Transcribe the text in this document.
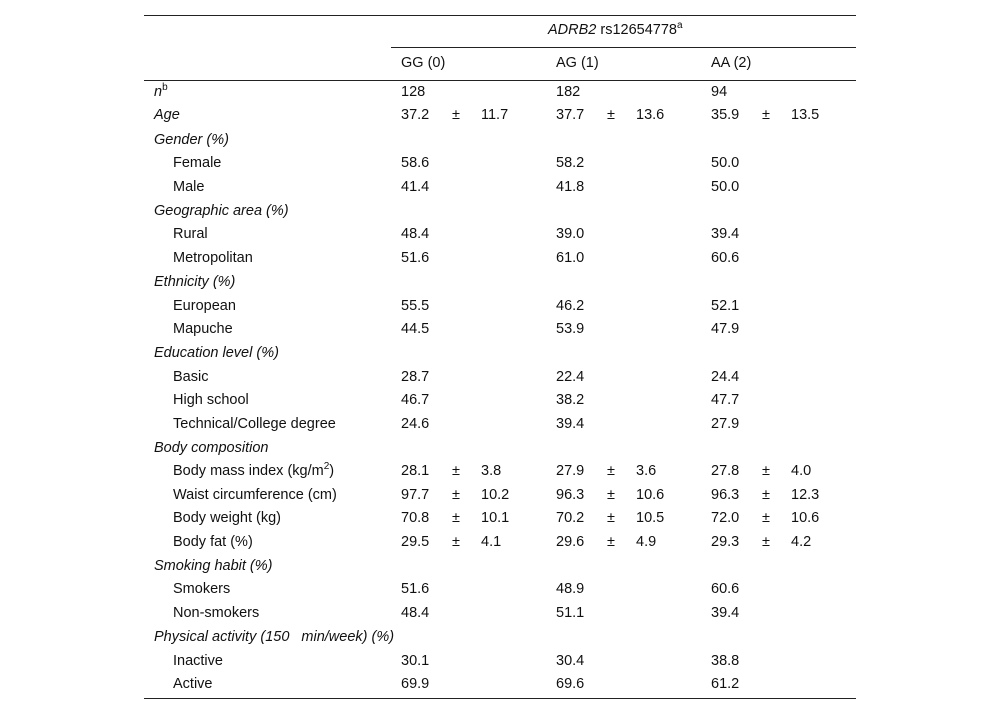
ADRB2 rs12654778$^a$
GG (0)	AG (1)	AA (2)
$n^b$	128	182	94
Age	37.2 ± 11.7	37.7 ± 13.6	35.9 ± 13.5
Gender (%)
Female	58.6	58.2	50.0
Male	41.4	41.8	50.0
Geographic area (%)
Rural	48.4	39.0	39.4
Metropolitan	51.6	61.0	60.6
Ethnicity (%)
European	55.5	46.2	52.1
Mapuche	44.5	53.9	47.9
Education level (%)
Basic	28.7	22.4	24.4
High school	46.7	38.2	47.7
Technical/College degree	24.6	39.4	27.9
Body composition
Body mass index $(kg/m^2)$	28.1 ± 3.8	27.9 ± 3.6	27.8 ± 4.0
Waist circumference (cm)	97.7 ± 10.2	96.3 ± 10.6	96.3 ± 12.3
Body weight (kg)	70.8 ± 10.1	70.2 ± 10.5	72.0 ± 10.6
Body fat (%)	29.5 ± 4.1	29.6 ± 4.9	29.3 ± 4.2
Smoking habit (%)
Smokers	51.6	48.9	60.6
Non-smokers	48.4	51.1	39.4
Physical activity (150 min/week) (%)
Inactive	30.1	30.4	38.8
Active	69.9	69.6	61.2
